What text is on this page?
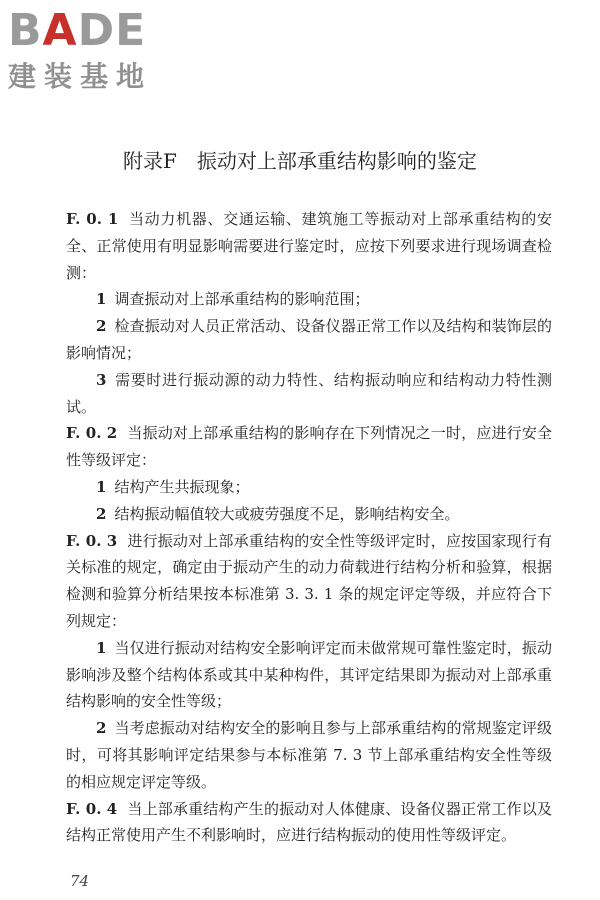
BADE
建装基地
附录F　振动对上部承重结构影响的鉴定

F. 0. 1 当动力机器、交通运输、建筑施工等振动对上部承重结构的安全、正常使用有明显影响需要进行鉴定时，应按下列要求进行现场调查检测：

1 调查振动对上部承重结构的影响范围；

2 检查振动对人员正常活动、设备仪器正常工作以及结构和装饰层的影响情况；

3 需要时进行振动源的动力特性、结构振动响应和结构动力特性测试。

F. 0. 2 当振动对上部承重结构的影响存在下列情况之一时，应进行安全性等级评定：

1 结构产生共振现象；

2 结构振动幅值较大或疲劳强度不足，影响结构安全。

F. 0. 3 进行振动对上部承重结构的安全性等级评定时，应按国家现行有关标准的规定，确定由于振动产生的动力荷载进行结构分析和验算，根据检测和验算分析结果按本标准第 3. 3. 1 条的规定评定等级，并应符合下列规定：

1 当仅进行振动对结构安全影响评定而未做常规可靠性鉴定时，振动影响涉及整个结构体系或其中某种构件，其评定结果即为振动对上部承重结构影响的安全性等级；

2 当考虑振动对结构安全的影响且参与上部承重结构的常规鉴定评级时，可将其影响评定结果参与本标准第 7. 3 节上部承重结构安全性等级的相应规定评定等级。

F. 0. 4 当上部承重结构产生的振动对人体健康、设备仪器正常工作以及结构正常使用产生不利影响时，应进行结构振动的使用性等级评定。

74
